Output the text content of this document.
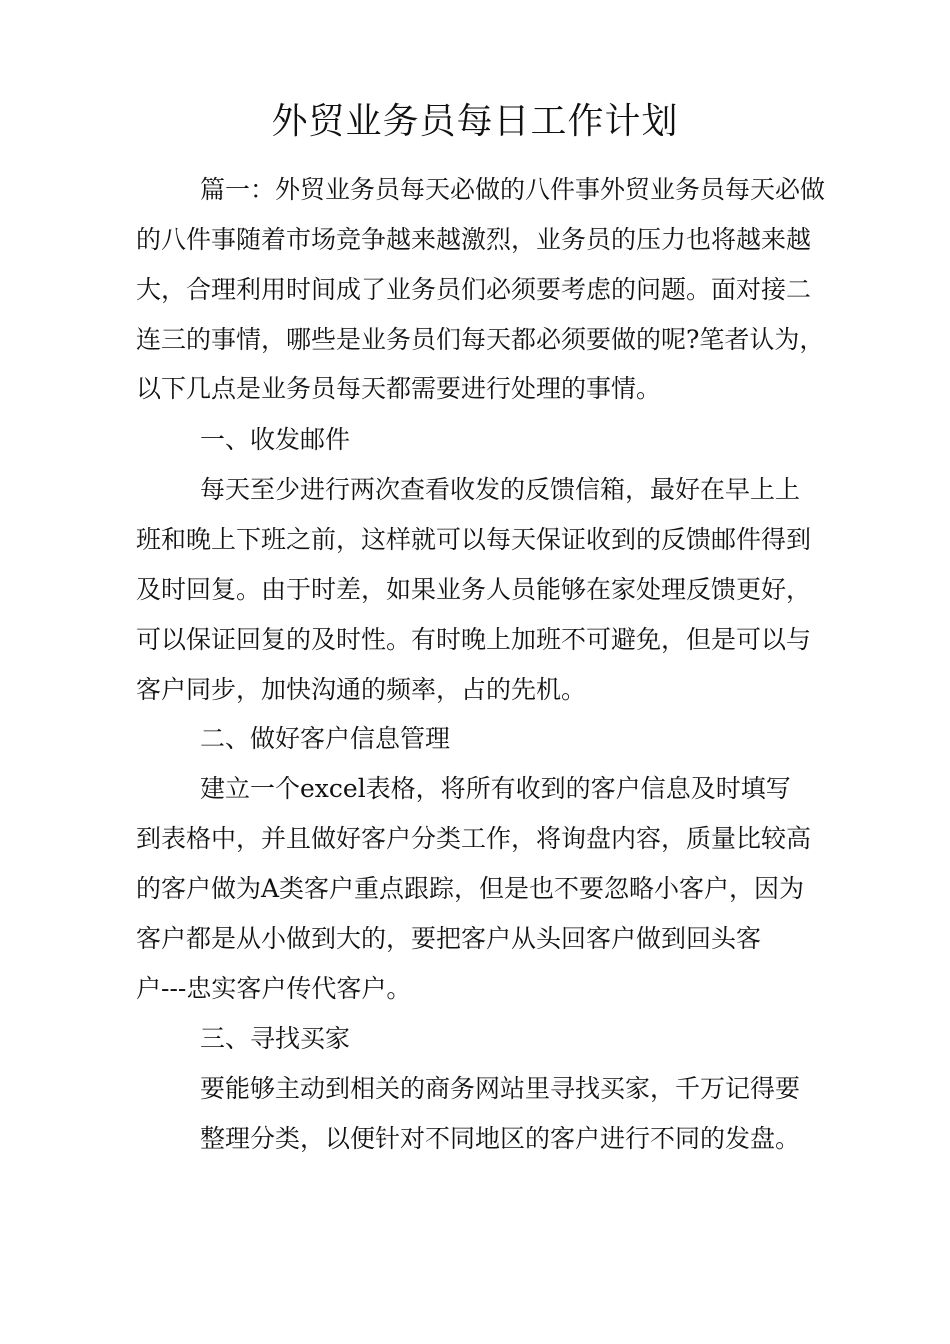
外贸业务员每日工作计划

篇一：外贸业务员每天必做的八件事外贸业务员每天必做

的八件事随着市场竞争越来越激烈，业务员的压力也将越来越

大，合理利用时间成了业务员们必须要考虑的问题。面对接二

连三的事情，哪些是业务员们每天都必须要做的呢?笔者认为，

以下几点是业务员每天都需要进行处理的事情。

一、收发邮件

每天至少进行两次查看收发的反馈信箱，最好在早上上

班和晚上下班之前，这样就可以每天保证收到的反馈邮件得到

及时回复。由于时差，如果业务人员能够在家处理反馈更好，

可以保证回复的及时性。有时晚上加班不可避免，但是可以与

客户同步，加快沟通的频率，占的先机。

二、做好客户信息管理

建立一个excel表格，将所有收到的客户信息及时填写

到表格中，并且做好客户分类工作，将询盘内容，质量比较高

的客户做为A类客户重点跟踪，但是也不要忽略小客户，因为

客户都是从小做到大的，要把客户从头回客户做到回头客

户---忠实客户传代客户。

三、寻找买家

要能够主动到相关的商务网站里寻找买家，千万记得要

整理分类，以便针对不同地区的客户进行不同的发盘。
